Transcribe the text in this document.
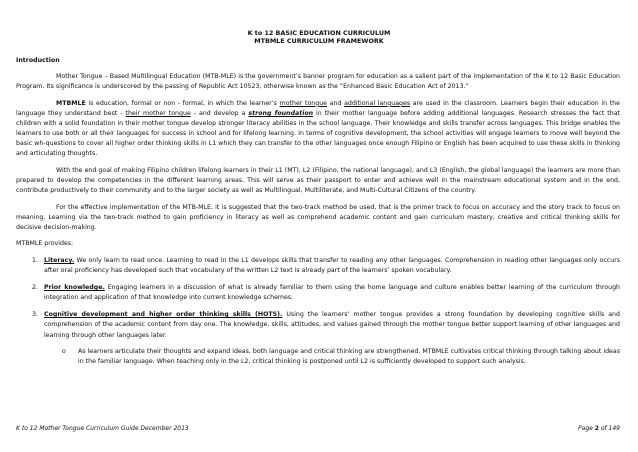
K to 12 BASIC EDUCATION CURRICULUM
MTBMLE CURRICULUM FRAMEWORK
Introduction

Mother Tongue – Based Multilingual Education (MTB-MLE) is the government’s banner program for education as a salient part of the implementation of the K to 12 Basic Education Program. Its significance is underscored by the passing of Republic Act 10523, otherwise known as the “Enhanced Basic Education Act of 2013.”

MTBMLE is education, formal or non - formal, in which the learner’s mother tongue and additional languages are used in the classroom. Learners begin their education in the language they understand best - their mother tongue - and develop a strong foundation in their mother language before adding additional languages. Research stresses the fact that children with a solid foundation in their mother tongue develop stronger literacy abilities in the school language. Their knowledge and skills transfer across languages. This bridge enables the learners to use both or all their languages for success in school and for lifelong learning. In terms of cognitive development, the school activities will engage learners to move well beyond the basic wh-questions to cover all higher order thinking skills in L1 which they can transfer to the other languages once enough Filipino or English has been acquired to use these skills in thinking and articulating thoughts.

With the end goal of making Filipino children lifelong learners in their L1 (MT), L2 (Filipino, the national language), and L3 (English, the global language) the learners are more than prepared to develop the competencies in the different learning areas. This will serve as their passport to enter and achieve well in the mainstream educational system and in the end, contribute productively to their community and to the larger society as well as Multilingual, Multiliterate, and Multi-Cultural Citizens of the country.

For the effective implementation of the MTB-MLE, it is suggested that the two-track method be used, that is the primer track to focus on accuracy and the story track to focus on meaning. Learning via the two-track method to gain proficiency in literacy as well as comprehend academic content and gain curriculum mastery, creative and critical thinking skills for decisive decision-making.

MTBMLE provides:

1. Literacy. We only learn to read once. Learning to read in the L1 develops skills that transfer to reading any other languages. Comprehension in reading other languages only occurs after oral proficiency has developed such that vocabulary of the written L2 text is already part of the learners’ spoken vocabulary.
2. Prior knowledge. Engaging learners in a discussion of what is already familiar to them using the home language and culture enables better learning of the curriculum through integration and application of that knowledge into current knowledge schemes.
3. Cognitive development and higher order thinking skills (HOTS). Using the learners’ mother tongue provides a strong foundation by developing cognitive skills and comprehension of the academic content from day one. The knowledge, skills, attitudes, and values gained through the mother tongue better support learning of other languages and learning through other languages later.
o As learners articulate their thoughts and expand ideas, both language and critical thinking are strengthened. MTBMLE cultivates critical thinking through talking about ideas in the familiar language. When teaching only in the L2, critical thinking is postponed until L2 is sufficiently developed to support such analysis.
K to 12 Mother Tongue Curriculum Guide December 2013	Page 2 of 149
